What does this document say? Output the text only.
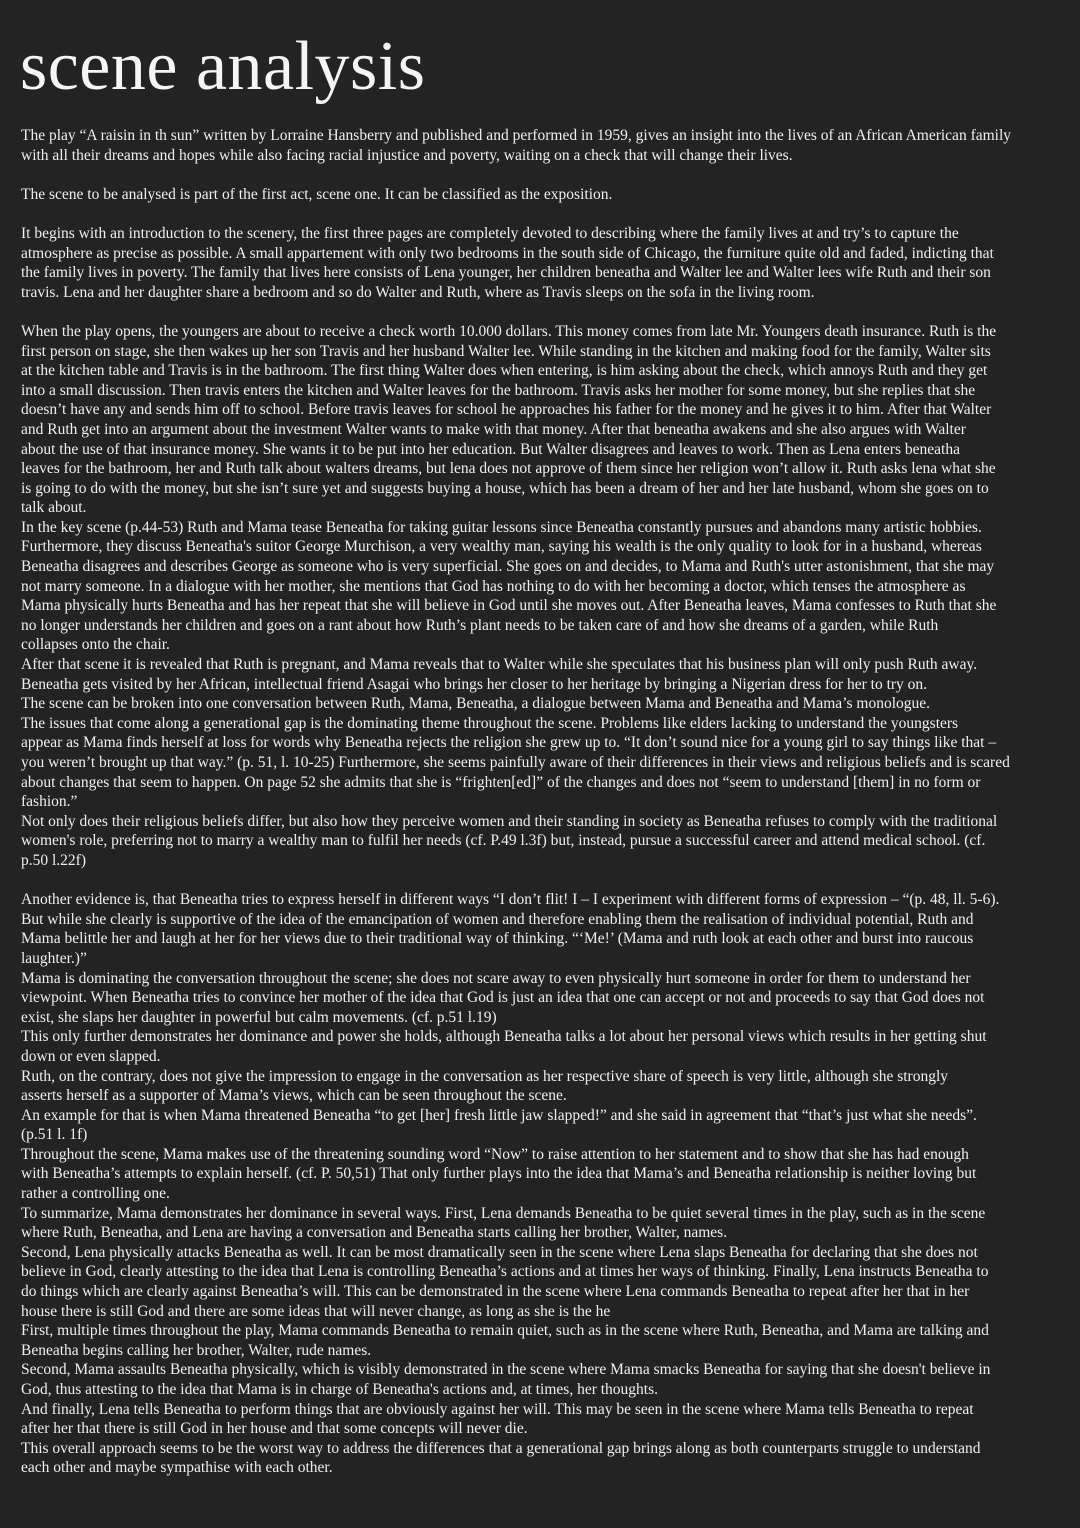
scene analysis
The play “A raisin in th sun” written by Lorraine Hansberry and published and performed in 1959, gives an insight into the lives of an African American family
with all their dreams and hopes while also facing racial injustice and poverty, waiting on a check that will change their lives.
The scene to be analysed is part of the first act, scene one. It can be classified as the exposition.
It begins with an introduction to the scenery, the first three pages are completely devoted to describing where the family lives at and try’s to capture the
atmosphere as precise as possible. A small appartement with only two bedrooms in the south side of Chicago, the furniture quite old and faded, indicting that
the family lives in poverty. The family that lives here consists of Lena younger, her children beneatha and Walter lee and Walter lees wife Ruth and their son
travis. Lena and her daughter share a bedroom and so do Walter and Ruth, where as Travis sleeps on the sofa in the living room.
When the play opens, the youngers are about to receive a check worth 10.000 dollars. This money comes from late Mr. Youngers death insurance. Ruth is the
first person on stage, she then wakes up her son Travis and her husband Walter lee. While standing in the kitchen and making food for the family, Walter sits
at the kitchen table and Travis is in the bathroom. The first thing Walter does when entering, is him asking about the check, which annoys Ruth and they get
into a small discussion. Then travis enters the kitchen and Walter leaves for the bathroom. Travis asks her mother for some money, but she replies that she
doesn’t have any and sends him off to school. Before travis leaves for school he approaches his father for the money and he gives it to him. After that Walter
and Ruth get into an argument about the investment Walter wants to make with that money. After that beneatha awakens and she also argues with Walter
about the use of that insurance money. She wants it to be put into her education. But Walter disagrees and leaves to work. Then as Lena enters beneatha
leaves for the bathroom, her and Ruth talk about walters dreams, but lena does not approve of them since her religion won’t allow it. Ruth asks lena what she
is going to do with the money, but she isn’t sure yet and suggests buying a house, which has been a dream of her and her late husband, whom she goes on to
talk about.
In the key scene (p.44-53) Ruth and Mama tease Beneatha for taking guitar lessons since Beneatha constantly pursues and abandons many artistic hobbies.
Furthermore, they discuss Beneatha's suitor George Murchison, a very wealthy man, saying his wealth is the only quality to look for in a husband, whereas
Beneatha disagrees and describes George as someone who is very superficial. She goes on and decides, to Mama and Ruth's utter astonishment, that she may
not marry someone. In a dialogue with her mother, she mentions that God has nothing to do with her becoming a doctor, which tenses the atmosphere as
Mama physically hurts Beneatha and has her repeat that she will believe in God until she moves out. After Beneatha leaves, Mama confesses to Ruth that she
no longer understands her children and goes on a rant about how Ruth’s plant needs to be taken care of and how she dreams of a garden, while Ruth
collapses onto the chair.
After that scene it is revealed that Ruth is pregnant, and Mama reveals that to Walter while she speculates that his business plan will only push Ruth away.
Beneatha gets visited by her African, intellectual friend Asagai who brings her closer to her heritage by bringing a Nigerian dress for her to try on.
The scene can be broken into one conversation between Ruth, Mama, Beneatha, a dialogue between Mama and Beneatha and Mama’s monologue.
The issues that come along a generational gap is the dominating theme throughout the scene. Problems like elders lacking to understand the youngsters
appear as Mama finds herself at loss for words why Beneatha rejects the religion she grew up to. “It don’t sound nice for a young girl to say things like that –
you weren’t brought up that way.” (p. 51, l. 10-25) Furthermore, she seems painfully aware of their differences in their views and religious beliefs and is scared
about changes that seem to happen. On page 52 she admits that she is “frighten[ed]” of the changes and does not “seem to understand [them] in no form or
fashion.”
Not only does their religious beliefs differ, but also how they perceive women and their standing in society as Beneatha refuses to comply with the traditional
women's role, preferring not to marry a wealthy man to fulfil her needs (cf. P.49 l.3f) but, instead, pursue a successful career and attend medical school. (cf.
p.50 l.22f)
Another evidence is, that Beneatha tries to express herself in different ways “I don’t flit! I – I experiment with different forms of expression – “(p. 48, ll. 5-6).
But while she clearly is supportive of the idea of the emancipation of women and therefore enabling them the realisation of individual potential, Ruth and
Mama belittle her and laugh at her for her views due to their traditional way of thinking. “‘Me!’ (Mama and ruth look at each other and burst into raucous
laughter.)”
Mama is dominating the conversation throughout the scene; she does not scare away to even physically hurt someone in order for them to understand her
viewpoint. When Beneatha tries to convince her mother of the idea that God is just an idea that one can accept or not and proceeds to say that God does not
exist, she slaps her daughter in powerful but calm movements. (cf. p.51 l.19)
This only further demonstrates her dominance and power she holds, although Beneatha talks a lot about her personal views which results in her getting shut
down or even slapped.
Ruth, on the contrary, does not give the impression to engage in the conversation as her respective share of speech is very little, although she strongly
asserts herself as a supporter of Mama’s views, which can be seen throughout the scene.
An example for that is when Mama threatened Beneatha “to get [her] fresh little jaw slapped!” and she said in agreement that “that’s just what she needs”.
(p.51 l. 1f)
Throughout the scene, Mama makes use of the threatening sounding word “Now” to raise attention to her statement and to show that she has had enough
with Beneatha’s attempts to explain herself. (cf. P. 50,51) That only further plays into the idea that Mama’s and Beneatha relationship is neither loving but
rather a controlling one.
To summarize, Mama demonstrates her dominance in several ways. First, Lena demands Beneatha to be quiet several times in the play, such as in the scene
where Ruth, Beneatha, and Lena are having a conversation and Beneatha starts calling her brother, Walter, names.
Second, Lena physically attacks Beneatha as well. It can be most dramatically seen in the scene where Lena slaps Beneatha for declaring that she does not
believe in God, clearly attesting to the idea that Lena is controlling Beneatha’s actions and at times her ways of thinking. Finally, Lena instructs Beneatha to
do things which are clearly against Beneatha’s will. This can be demonstrated in the scene where Lena commands Beneatha to repeat after her that in her
house there is still God and there are some ideas that will never change, as long as she is the he
First, multiple times throughout the play, Mama commands Beneatha to remain quiet, such as in the scene where Ruth, Beneatha, and Mama are talking and
Beneatha begins calling her brother, Walter, rude names.
Second, Mama assaults Beneatha physically, which is visibly demonstrated in the scene where Mama smacks Beneatha for saying that she doesn't believe in
God, thus attesting to the idea that Mama is in charge of Beneatha's actions and, at times, her thoughts.
And finally, Lena tells Beneatha to perform things that are obviously against her will. This may be seen in the scene where Mama tells Beneatha to repeat
after her that there is still God in her house and that some concepts will never die.
This overall approach seems to be the worst way to address the differences that a generational gap brings along as both counterparts struggle to understand
each other and maybe sympathise with each other.
